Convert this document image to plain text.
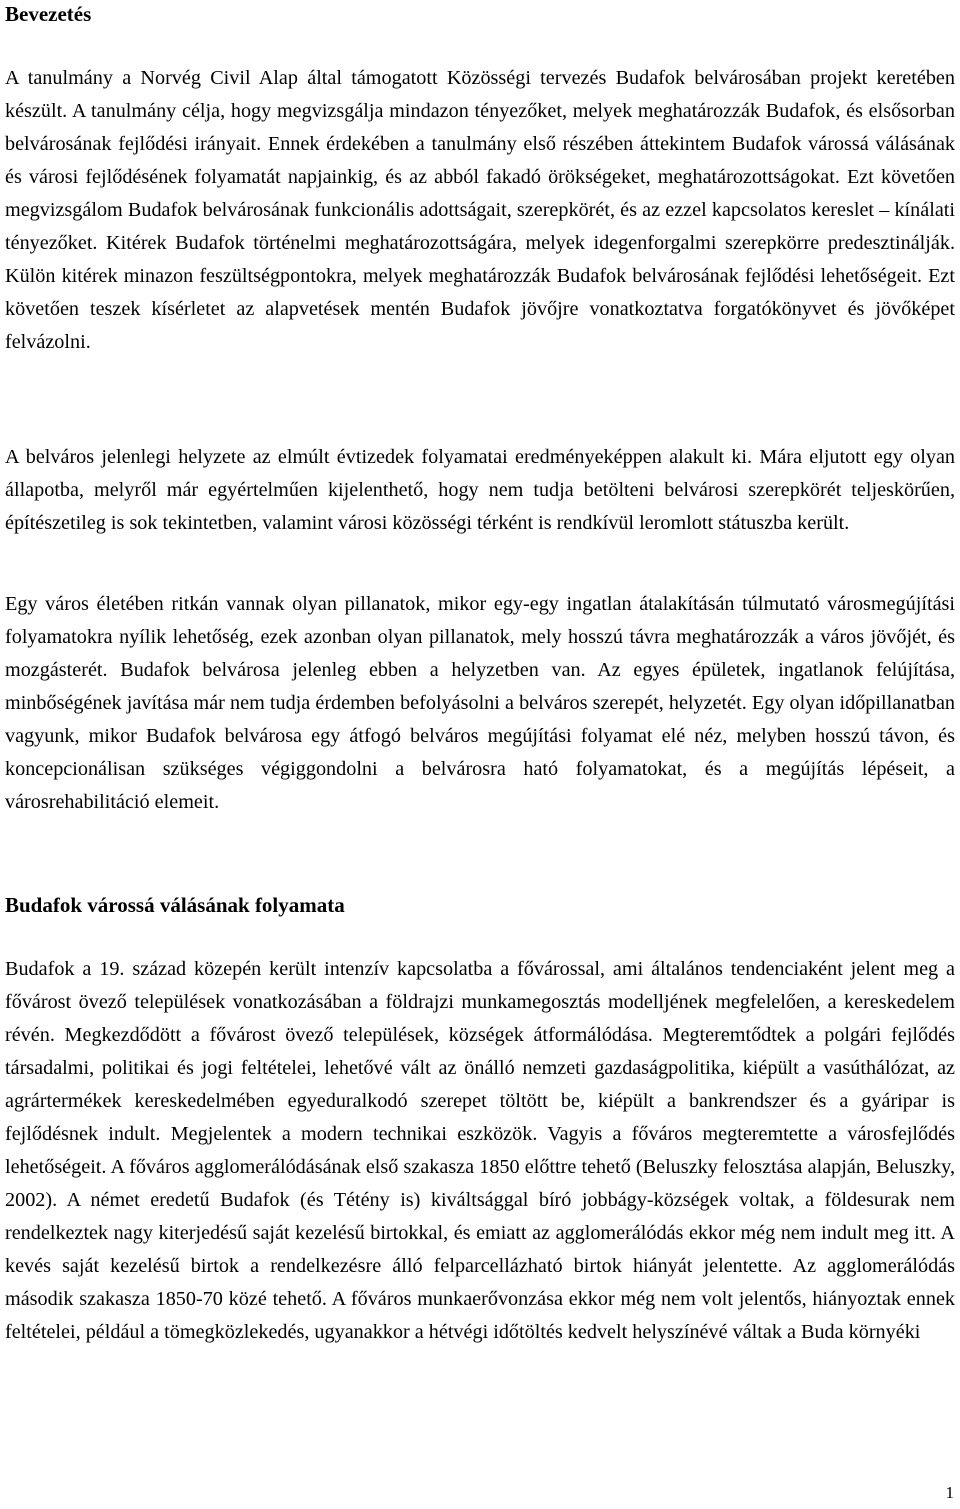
Bevezetés

A tanulmány a Norvég Civil Alap által támogatott Közösségi tervezés Budafok belvárosában projekt keretében készült. A tanulmány célja, hogy megvizsgálja mindazon tényezőket, melyek meghatározzák Budafok, és elsősorban belvárosának fejlődési irányait. Ennek érdekében a tanulmány első részében áttekintem Budafok várossá válásának és városi fejlődésének folyamatát napjainkig, és az abból fakadó örökségeket, meghatározottságokat. Ezt követően megvizsgálom Budafok belvárosának funkcionális adottságait, szerepkörét, és az ezzel kapcsolatos kereslet – kínálati tényezőket. Kitérek Budafok történelmi meghatározottságára, melyek idegenforgalmi szerepkörre predesztinálják. Külön kitérek minazon feszültségpontokra, melyek meghatározzák Budafok belvárosának fejlődési lehetőségeit. Ezt követően teszek kísérletet az alapvetések mentén Budafok jövőjre vonatkoztatva forgatókönyvet és jövőképet felvázolni.

A belváros jelenlegi helyzete az elmúlt évtizedek folyamatai eredményeképpen alakult ki. Mára eljutott egy olyan állapotba, melyről már egyértelműen kijelenthető, hogy nem tudja betölteni belvárosi szerepkörét teljeskörűen, építészetileg is sok tekintetben, valamint városi közösségi térként is rendkívül leromlott státuszba került.

Egy város életében ritkán vannak olyan pillanatok, mikor egy-egy ingatlan átalakításán túlmutató városmegújítási folyamatokra nyílik lehetőség, ezek azonban olyan pillanatok, mely hosszú távra meghatározzák a város jövőjét, és mozgásterét. Budafok belvárosa jelenleg ebben a helyzetben van. Az egyes épületek, ingatlanok felújítása, minbőségének javítása már nem tudja érdemben befolyásolni a belváros szerepét, helyzetét. Egy olyan időpillanatban vagyunk, mikor Budafok belvárosa egy átfogó belváros megújítási folyamat elé néz, melyben hosszú távon, és koncepcionálisan szükséges végiggondolni a belvárosra ható folyamatokat, és a megújítás lépéseit, a városrehabilitáció elemeit.

Budafok várossá válásának folyamata

Budafok a 19. század közepén került intenzív kapcsolatba a fővárossal, ami általános tendenciaként jelent meg a fővárost övező települések vonatkozásában a földrajzi munkamegosztás modelljének megfelelően, a kereskedelem révén. Megkezdődött a fővárost övező települések, községek átformálódása. Megteremtődtek a polgári fejlődés társadalmi, politikai és jogi feltételei, lehetővé vált az önálló nemzeti gazdaságpolitika, kiépült a vasúthálózat, az agrártermékek kereskedelmében egyeduralkodó szerepet töltött be, kiépült a bankrendszer és a gyáripar is fejlődésnek indult. Megjelentek a modern technikai eszközök. Vagyis a főváros megteremtette a városfejlődés lehetőségeit. A főváros agglomerálódásának első szakasza 1850 előttre tehető (Beluszky felosztása alapján, Beluszky, 2002). A német eredetű Budafok (és Tétény is) kiváltsággal bíró jobbágy-községek voltak, a földesurak nem rendelkeztek nagy kiterjedésű saját kezelésű birtokkal, és emiatt az agglomerálódás ekkor még nem indult meg itt. A kevés saját kezelésű birtok a rendelkezésre álló felparcellázható birtok hiányát jelentette. Az agglomerálódás második szakasza 1850-70 közé tehető. A főváros munkaerővonzása ekkor még nem volt jelentős, hiányoztak ennek feltételei, például a tömegközlekedés, ugyanakkor a hétvégi időtöltés kedvelt helyszínévé váltak a Buda környéki

1
